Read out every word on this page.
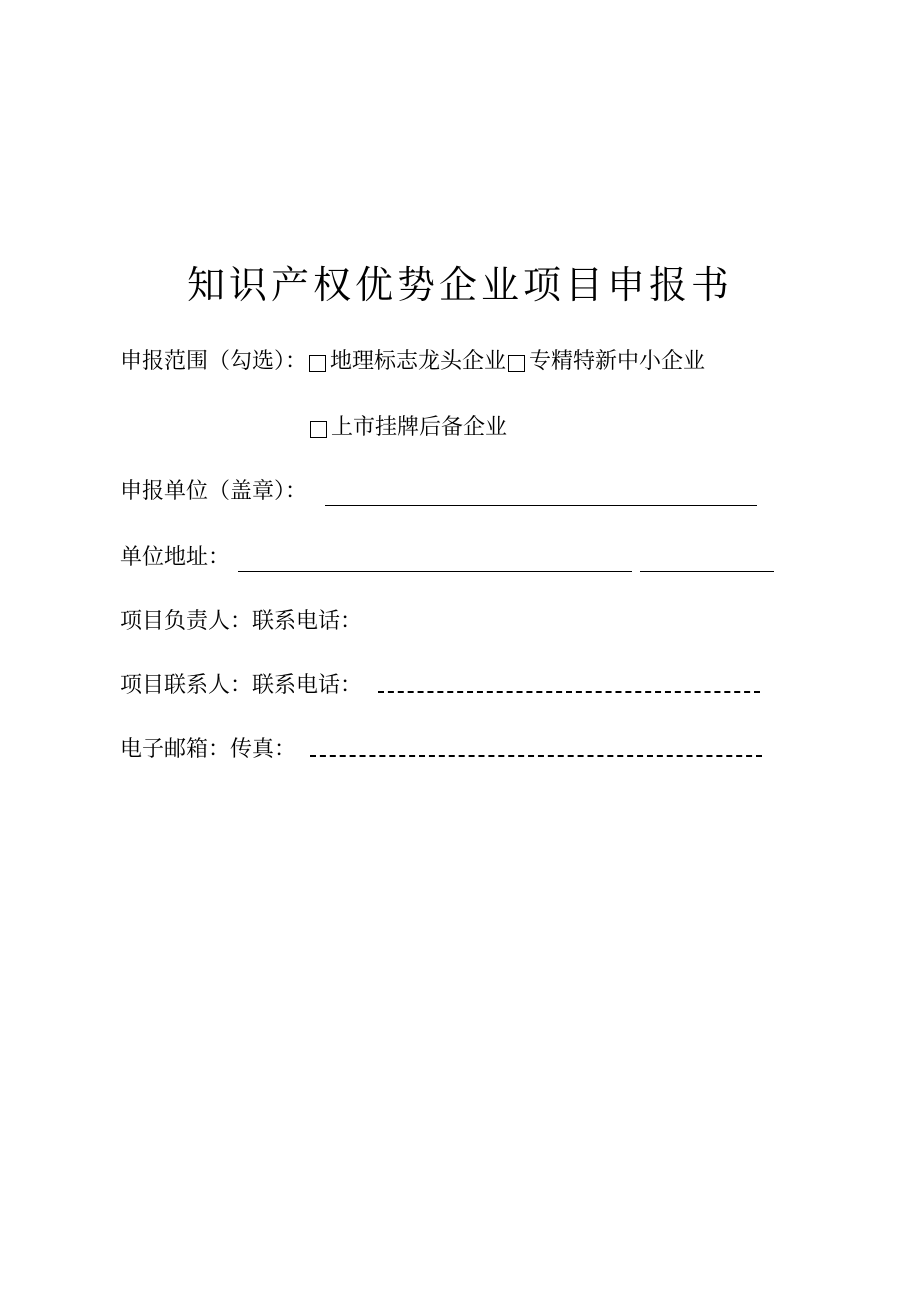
知识产权优势企业项目申报书
申报范围（勾选）： 地理标志龙头企业 专精特新中小企业
上市挂牌后备企业
申报单位（盖章）：
单位地址：
项目负责人：联系电话：
项目联系人：联系电话：
电子邮箱：传真：
